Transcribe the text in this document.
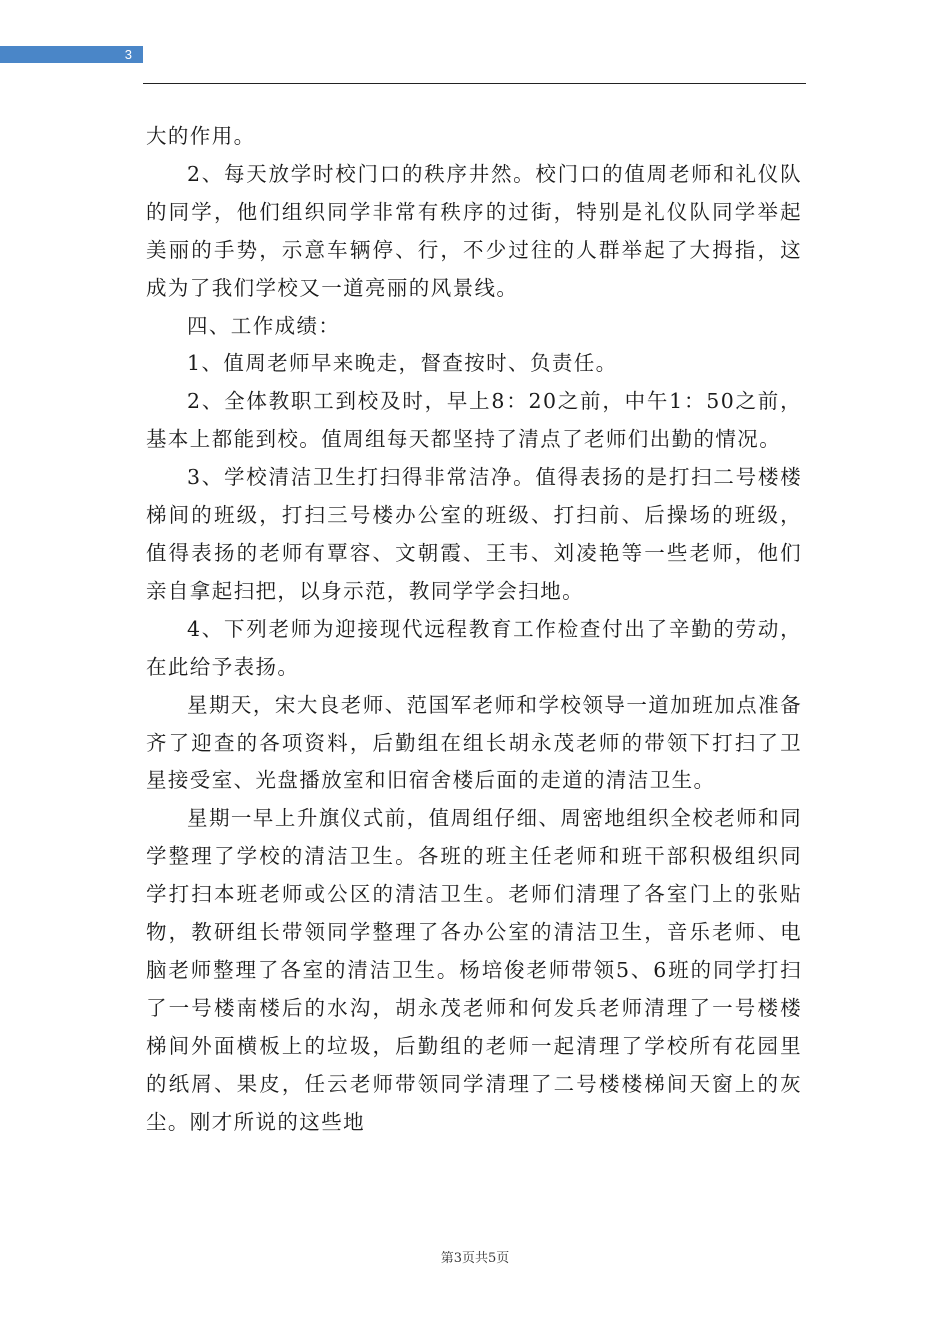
3

大的作用。

2、每天放学时校门口的秩序井然。校门口的值周老师和礼仪队的同学，他们组织同学非常有秩序的过街，特别是礼仪队同学举起美丽的手势，示意车辆停、行，不少过往的人群举起了大拇指，这成为了我们学校又一道亮丽的风景线。

四、工作成绩：

1、值周老师早来晚走，督查按时、负责任。

2、全体教职工到校及时，早上8：20之前，中午1：50之前，基本上都能到校。值周组每天都坚持了清点了老师们出勤的情况。

3、学校清洁卫生打扫得非常洁净。值得表扬的是打扫二号楼楼梯间的班级，打扫三号楼办公室的班级、打扫前、后操场的班级，值得表扬的老师有覃容、文朝霞、王韦、刘凌艳等一些老师，他们亲自拿起扫把，以身示范，教同学学会扫地。

4、下列老师为迎接现代远程教育工作检查付出了辛勤的劳动，在此给予表扬。

星期天，宋大良老师、范国军老师和学校领导一道加班加点准备齐了迎查的各项资料，后勤组在组长胡永茂老师的带领下打扫了卫星接受室、光盘播放室和旧宿舍楼后面的走道的清洁卫生。

星期一早上升旗仪式前，值周组仔细、周密地组织全校老师和同学整理了学校的清洁卫生。各班的班主任老师和班干部积极组织同学打扫本班老师或公区的清洁卫生。老师们清理了各室门上的张贴物，教研组长带领同学整理了各办公室的清洁卫生，音乐老师、电脑老师整理了各室的清洁卫生。杨培俊老师带领5、6班的同学打扫了一号楼南楼后的水沟，胡永茂老师和何发兵老师清理了一号楼楼梯间外面横板上的垃圾，后勤组的老师一起清理了学校所有花园里的纸屑、果皮，任云老师带领同学清理了二号楼楼梯间天窗上的灰尘。刚才所说的这些地

第3页共5页
